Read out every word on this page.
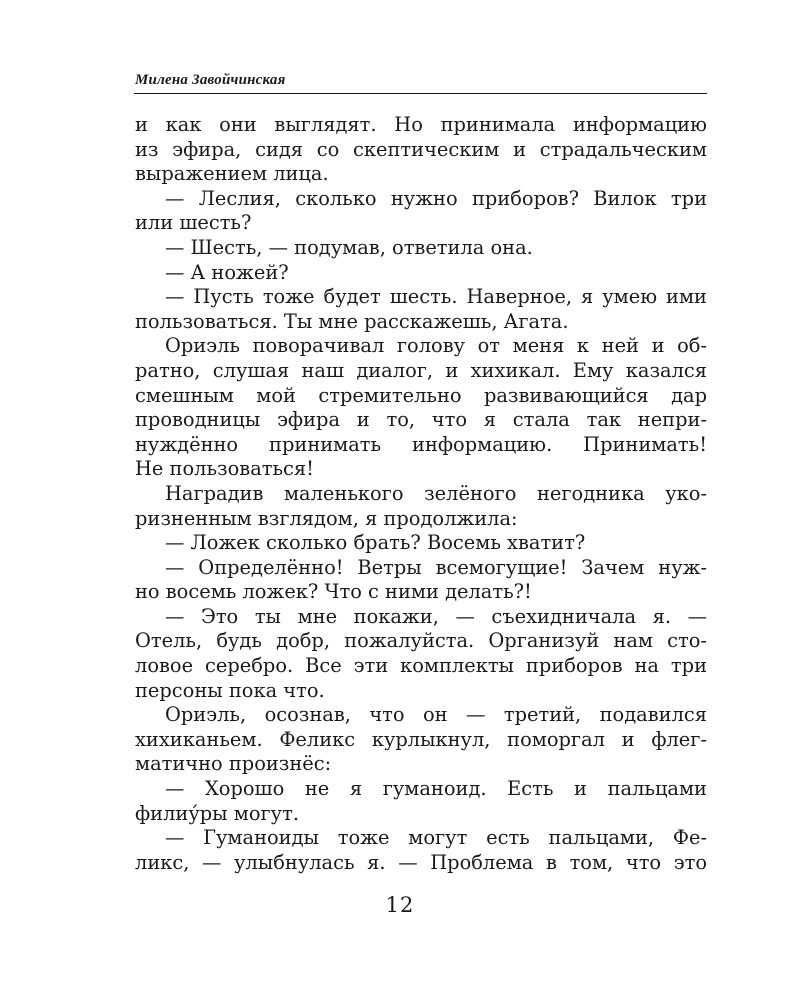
Милена Завойчинская
и как они выглядят. Но принимала информацию
из эфира, сидя со скептическим и страдальческим
выражением лица.
— Леслия, сколько нужно приборов? Вилок три
или шесть?
— Шесть, — подумав, ответила она.
— А ножей?
— Пусть тоже будет шесть. Наверное, я умею ими
пользоваться. Ты мне расскажешь, Агата.
Ориэль поворачивал голову от меня к ней и об-
ратно, слушая наш диалог, и хихикал. Ему казался
смешным мой стремительно развивающийся дар
проводницы эфира и то, что я стала так непри-
нуждённо принимать информацию. Принимать!
Не пользоваться!
Наградив маленького зелёного негодника уко-
ризненным взглядом, я продолжила:
— Ложек сколько брать? Восемь хватит?
— Определённо! Ветры всемогущие! Зачем нуж-
но восемь ложек? Что с ними делать?!
— Это ты мне покажи, — съехидничала я. —
Отель, будь добр, пожалуйста. Организуй нам сто-
ловое серебро. Все эти комплекты приборов на три
персоны пока что.
Ориэль, осознав, что он — третий, подавился
хихиканьем. Феликс курлыкнул, поморгал и флег-
матично произнёс:
— Хорошо не я гуманоид. Есть и пальцами
филиу́ры могут.
— Гуманоиды тоже могут есть пальцами, Фе-
ликс, — улыбнулась я. — Проблема в том, что это
12
